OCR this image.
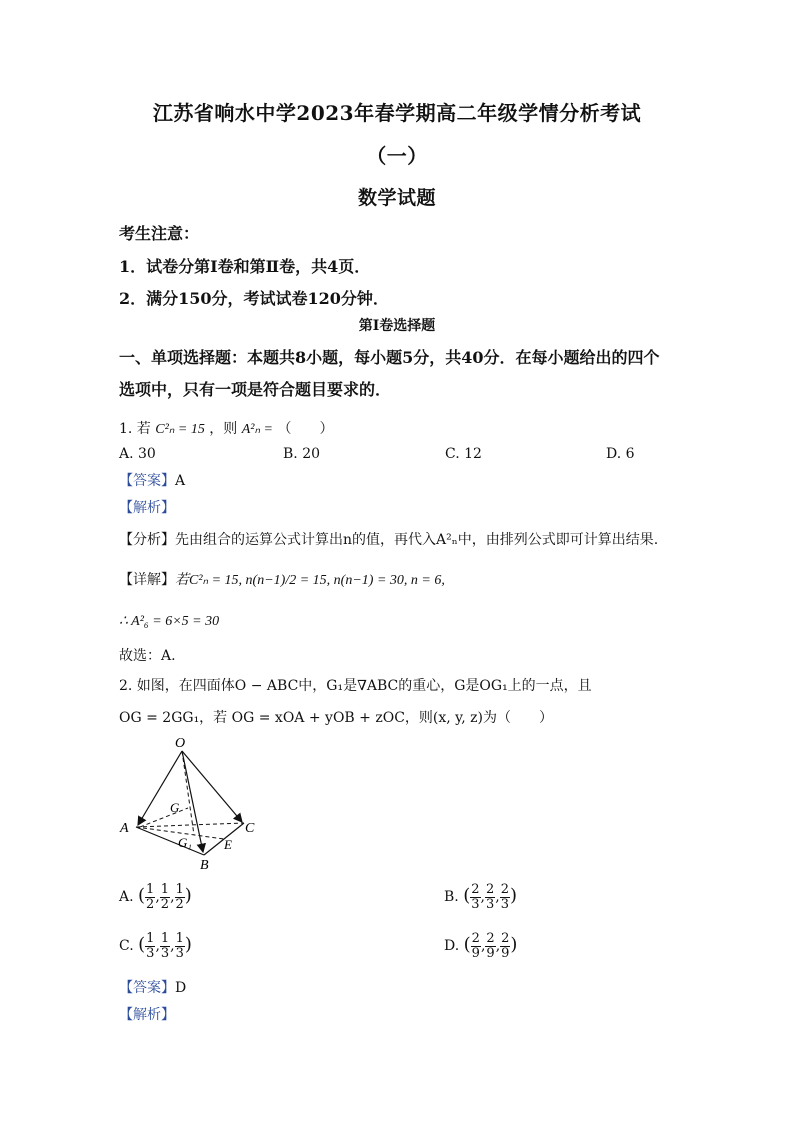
江苏省响水中学2023年春学期高二年级学情分析考试
（一）
数学试题
考生注意：
1．试卷分第Ⅰ卷和第Ⅱ卷，共4页．
2．满分150分，考试试卷120分钟．
第Ⅰ卷选择题
一、单项选择题：本题共8小题，每小题5分，共40分．在每小题给出的四个
选项中，只有一项是符合题目要求的．
1. 若 C²ₙ = 15 ，则 A²ₙ = （　　）
A. 30	B. 20	C. 12	D. 6
【答案】A
【解析】
【分析】先由组合的运算公式计算出n的值，再代入A²ₙ中，由排列公式即可计算出结果.
【详解】若C²ₙ = 15, n(n−1)/2 = 15, n(n−1) = 30, n = 6,
∴ A²₆ = 6×5 = 30
故选：A.
2. 如图，在四面体O − ABC中，G₁是∇ABC的重心，G是OG₁上的一点，且
OG = 2GG₁，若 OG = xOA + yOB + zOC，则(x, y, z)为（　　）
O
G
A	C
G₁ E
B
A. ( $\frac{1}{2}$ , $\frac{1}{2}$ , $\frac{1}{2}$ )	B. ( $\frac{2}{3}$ , $\frac{2}{3}$ , $\frac{2}{3}$ )
C. ( $\frac{1}{3}$ , $\frac{1}{3}$ , $\frac{1}{3}$ )	D. ( $\frac{2}{9}$ , $\frac{2}{9}$ , $\frac{2}{9}$ )
【答案】D
【解析】
